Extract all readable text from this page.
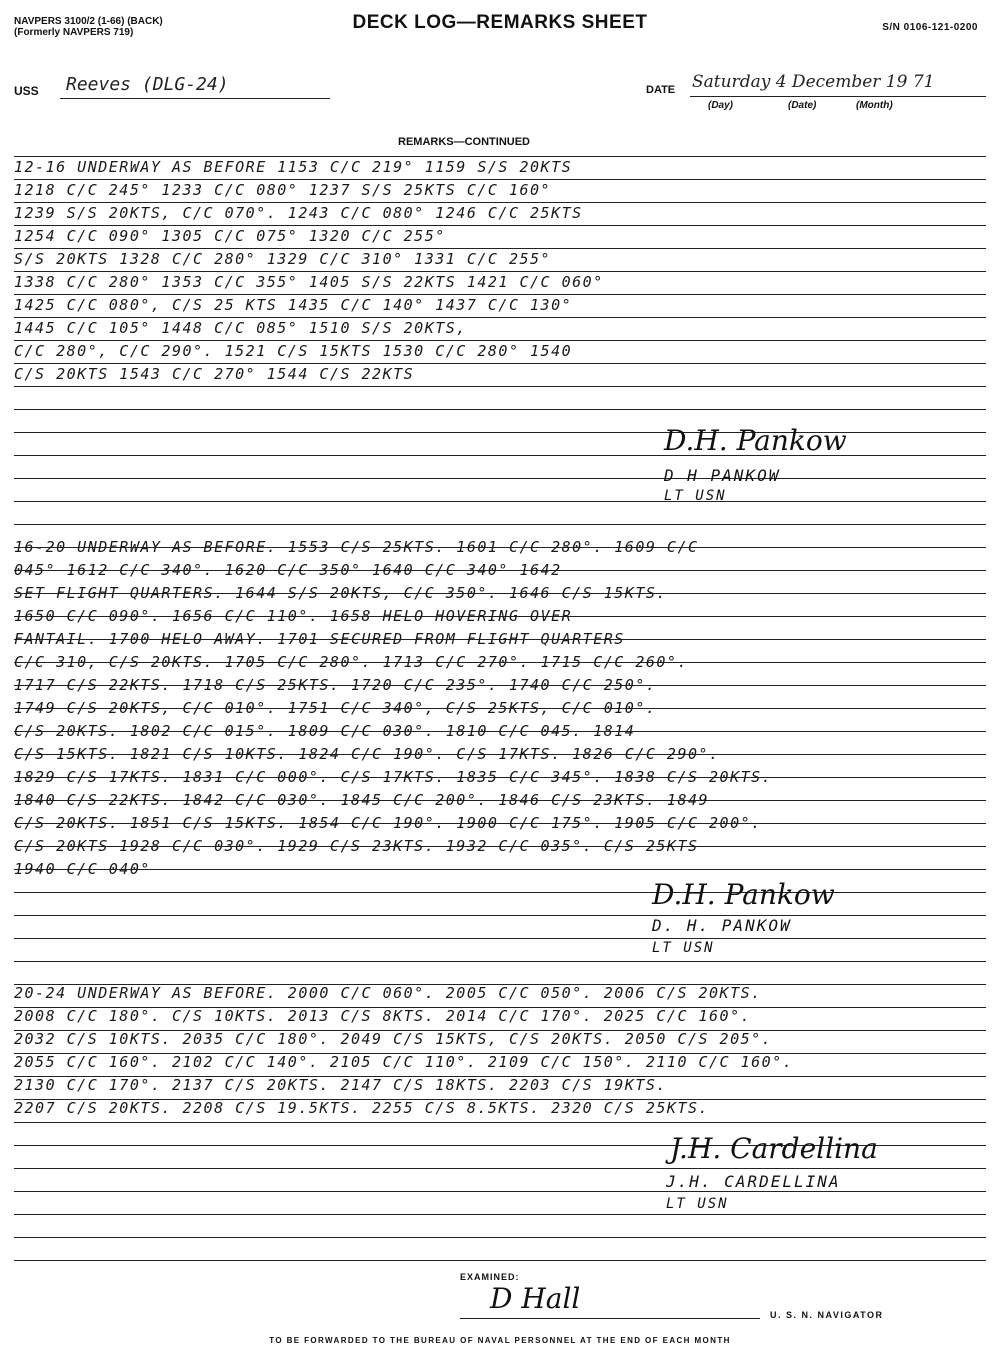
NAVPERS 3100/2 (1-66) (BACK)
(Formerly NAVPERS 719)	DECK LOG—REMARKS SHEET	S/N 0106-121-0200
USS Reeves (DLG-24)	DATE Saturday 4 December 19 71
(Day)	(Date)	(Month)
REMARKS—CONTINUED
12-16 UNDERWAY AS BEFORE 1153 C/C 219° 1159 S/S 20KTS
1218 C/C 245° 1233 C/C 080° 1237 S/S 25KTS C/C 160°
1239 S/S 20KTS, C/C 070°. 1243 C/C 080° 1246 C/C 25KTS
1254 C/C 090° 1305 C/C 075° 1320 C/C 255°
S/S 20KTS 1328 C/C 280° 1329 C/C 310° 1331 C/C 255°
1338 C/C 280° 1353 C/C 355° 1405 S/S 22KTS 1421 C/C 060°
1425 C/C 080°, C/S 25 KTS 1435 C/C 140° 1437 C/C 130°
1445 C/C 105° 1448 C/C 085° 1510 S/S 20KTS,
C/C 280°, C/C 290°. 1521 C/S 15KTS 1530 C/C 280° 1540
C/S 20KTS 1543 C/C 270° 1544 C/S 22KTS
D.H. Pankow
D H PANKOW
LT USN
16-20 UNDERWAY AS BEFORE. 1553 C/S 25KTS. 1601 C/C 280°. 1609 C/C
045° 1612 C/C 340°. 1620 C/C 350° 1640 C/C 340° 1642
SET FLIGHT QUARTERS. 1644 S/S 20KTS, C/C 350°. 1646 C/S 15KTS.
1650 C/C 090°. 1656 C/C 110°. 1658 HELO HOVERING OVER
FANTAIL. 1700 HELO AWAY. 1701 SECURED FROM FLIGHT QUARTERS
C/C 310, C/S 20KTS. 1705 C/C 280°. 1713 C/C 270°. 1715 C/C 260°.
1717 C/S 22KTS. 1718 C/S 25KTS. 1720 C/C 235°. 1740 C/C 250°.
1749 C/S 20KTS, C/C 010°. 1751 C/C 340°, C/S 25KTS, C/C 010°.
C/S 20KTS. 1802 C/C 015°. 1809 C/C 030°. 1810 C/C 045. 1814
C/S 15KTS. 1821 C/S 10KTS. 1824 C/C 190°. C/S 17KTS. 1826 C/C 290°.
1829 C/S 17KTS. 1831 C/C 000°. C/S 17KTS. 1835 C/C 345°. 1838 C/S 20KTS.
1840 C/S 22KTS. 1842 C/C 030°. 1845 C/C 200°. 1846 C/S 23KTS. 1849
C/S 20KTS. 1851 C/S 15KTS. 1854 C/C 190°. 1900 C/C 175°. 1905 C/C 200°.
C/S 20KTS 1928 C/C 030°. 1929 C/S 23KTS. 1932 C/C 035°. C/S 25KTS
1940 C/C 040°
D.H. Pankow
D. H. PANKOW
LT USN
20-24 UNDERWAY AS BEFORE. 2000 C/C 060°. 2005 C/C 050°. 2006 C/S 20KTS.
2008 C/C 180°. C/S 10KTS. 2013 C/S 8KTS. 2014 C/C 170°. 2025 C/C 160°.
2032 C/S 10KTS. 2035 C/C 180°. 2049 C/S 15KTS, C/S 20KTS. 2050 C/S 205°.
2055 C/C 160°. 2102 C/C 140°. 2105 C/C 110°. 2109 C/C 150°. 2110 C/C 160°.
2130 C/C 170°. 2137 C/S 20KTS. 2147 C/S 18KTS. 2203 C/S 19KTS.
2207 C/S 20KTS. 2208 C/S 19.5KTS. 2255 C/S 8.5KTS. 2320 C/S 25KTS.
J.H. Cardellina
J.H. CARDELLINA
LT USN
EXAMINED:
D Hall	U. S. N. NAVIGATOR
TO BE FORWARDED TO THE BUREAU OF NAVAL PERSONNEL AT THE END OF EACH MONTH
